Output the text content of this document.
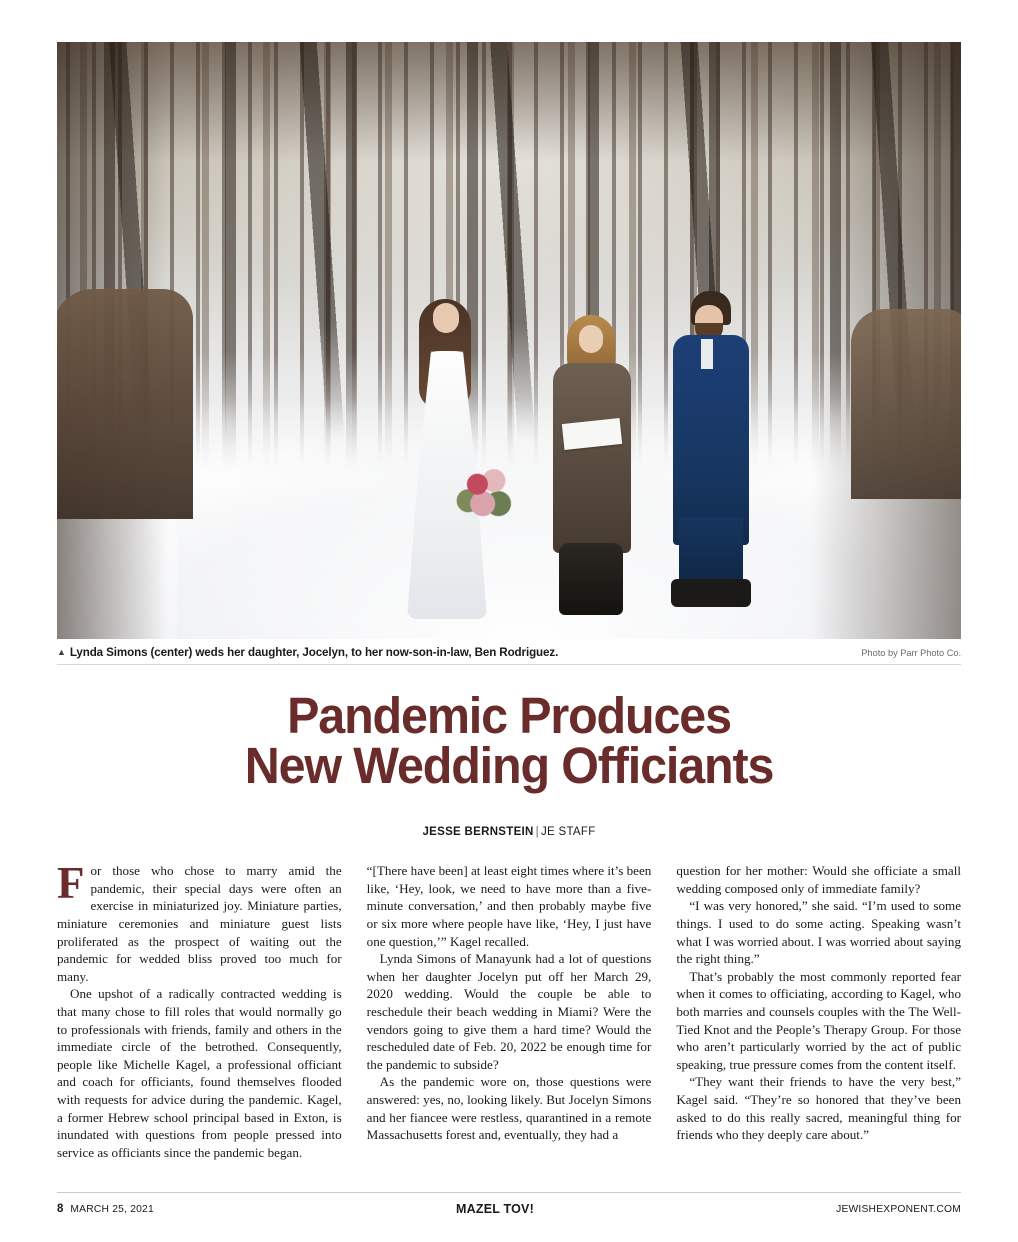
▲ Lynda Simons (center) weds her daughter, Jocelyn, to her now-son-in-law, Ben Rodriguez.	Photo by Parr Photo Co.
Pandemic Produces
New Wedding Officiants
JESSE BERNSTEIN | JE STAFF

For those who chose to marry amid the pandemic, their special days were often an exercise in miniaturized joy. Miniature parties, miniature ceremonies and miniature guest lists proliferated as the prospect of waiting out the pandemic for wedded bliss proved too much for many.

One upshot of a radically contracted wedding is that many chose to fill roles that would normally go to professionals with friends, family and others in the immediate circle of the betrothed. Consequently, people like Michelle Kagel, a professional officiant and coach for officiants, found themselves flooded with requests for advice during the pandemic. Kagel, a former Hebrew school principal based in Exton, is inundated with questions from people pressed into service as officiants since the pandemic began.

“[There have been] at least eight times where it’s been like, ‘Hey, look, we need to have more than a five-minute conversation,’ and then probably maybe five or six more where people have like, ‘Hey, I just have one question,’” Kagel recalled.

Lynda Simons of Manayunk had a lot of questions when her daughter Jocelyn put off her March 29, 2020 wedding. Would the couple be able to reschedule their beach wedding in Miami? Were the vendors going to give them a hard time? Would the rescheduled date of Feb. 20, 2022 be enough time for the pandemic to subside?

As the pandemic wore on, those questions were answered: yes, no, looking likely. But Jocelyn Simons and her fiancee were restless, quarantined in a remote Massachusetts forest and, eventually, they had a

question for her mother: Would she officiate a small wedding composed only of immediate family?

“I was very honored,” she said. “I’m used to some things. I used to do some acting. Speaking wasn’t what I was worried about. I was worried about saying the right thing.”

That’s probably the most commonly reported fear when it comes to officiating, according to Kagel, who both marries and counsels couples with the The Well-Tied Knot and the People’s Therapy Group. For those who aren’t particularly worried by the act of public speaking, true pressure comes from the content itself.

“They want their friends to have the very best,” Kagel said. “They’re so honored that they’ve been asked to do this really sacred, meaningful thing for friends who they deeply care about.”

8 MARCH 25, 2021	MAZEL TOV!	JEWISHEXPONENT.COM
